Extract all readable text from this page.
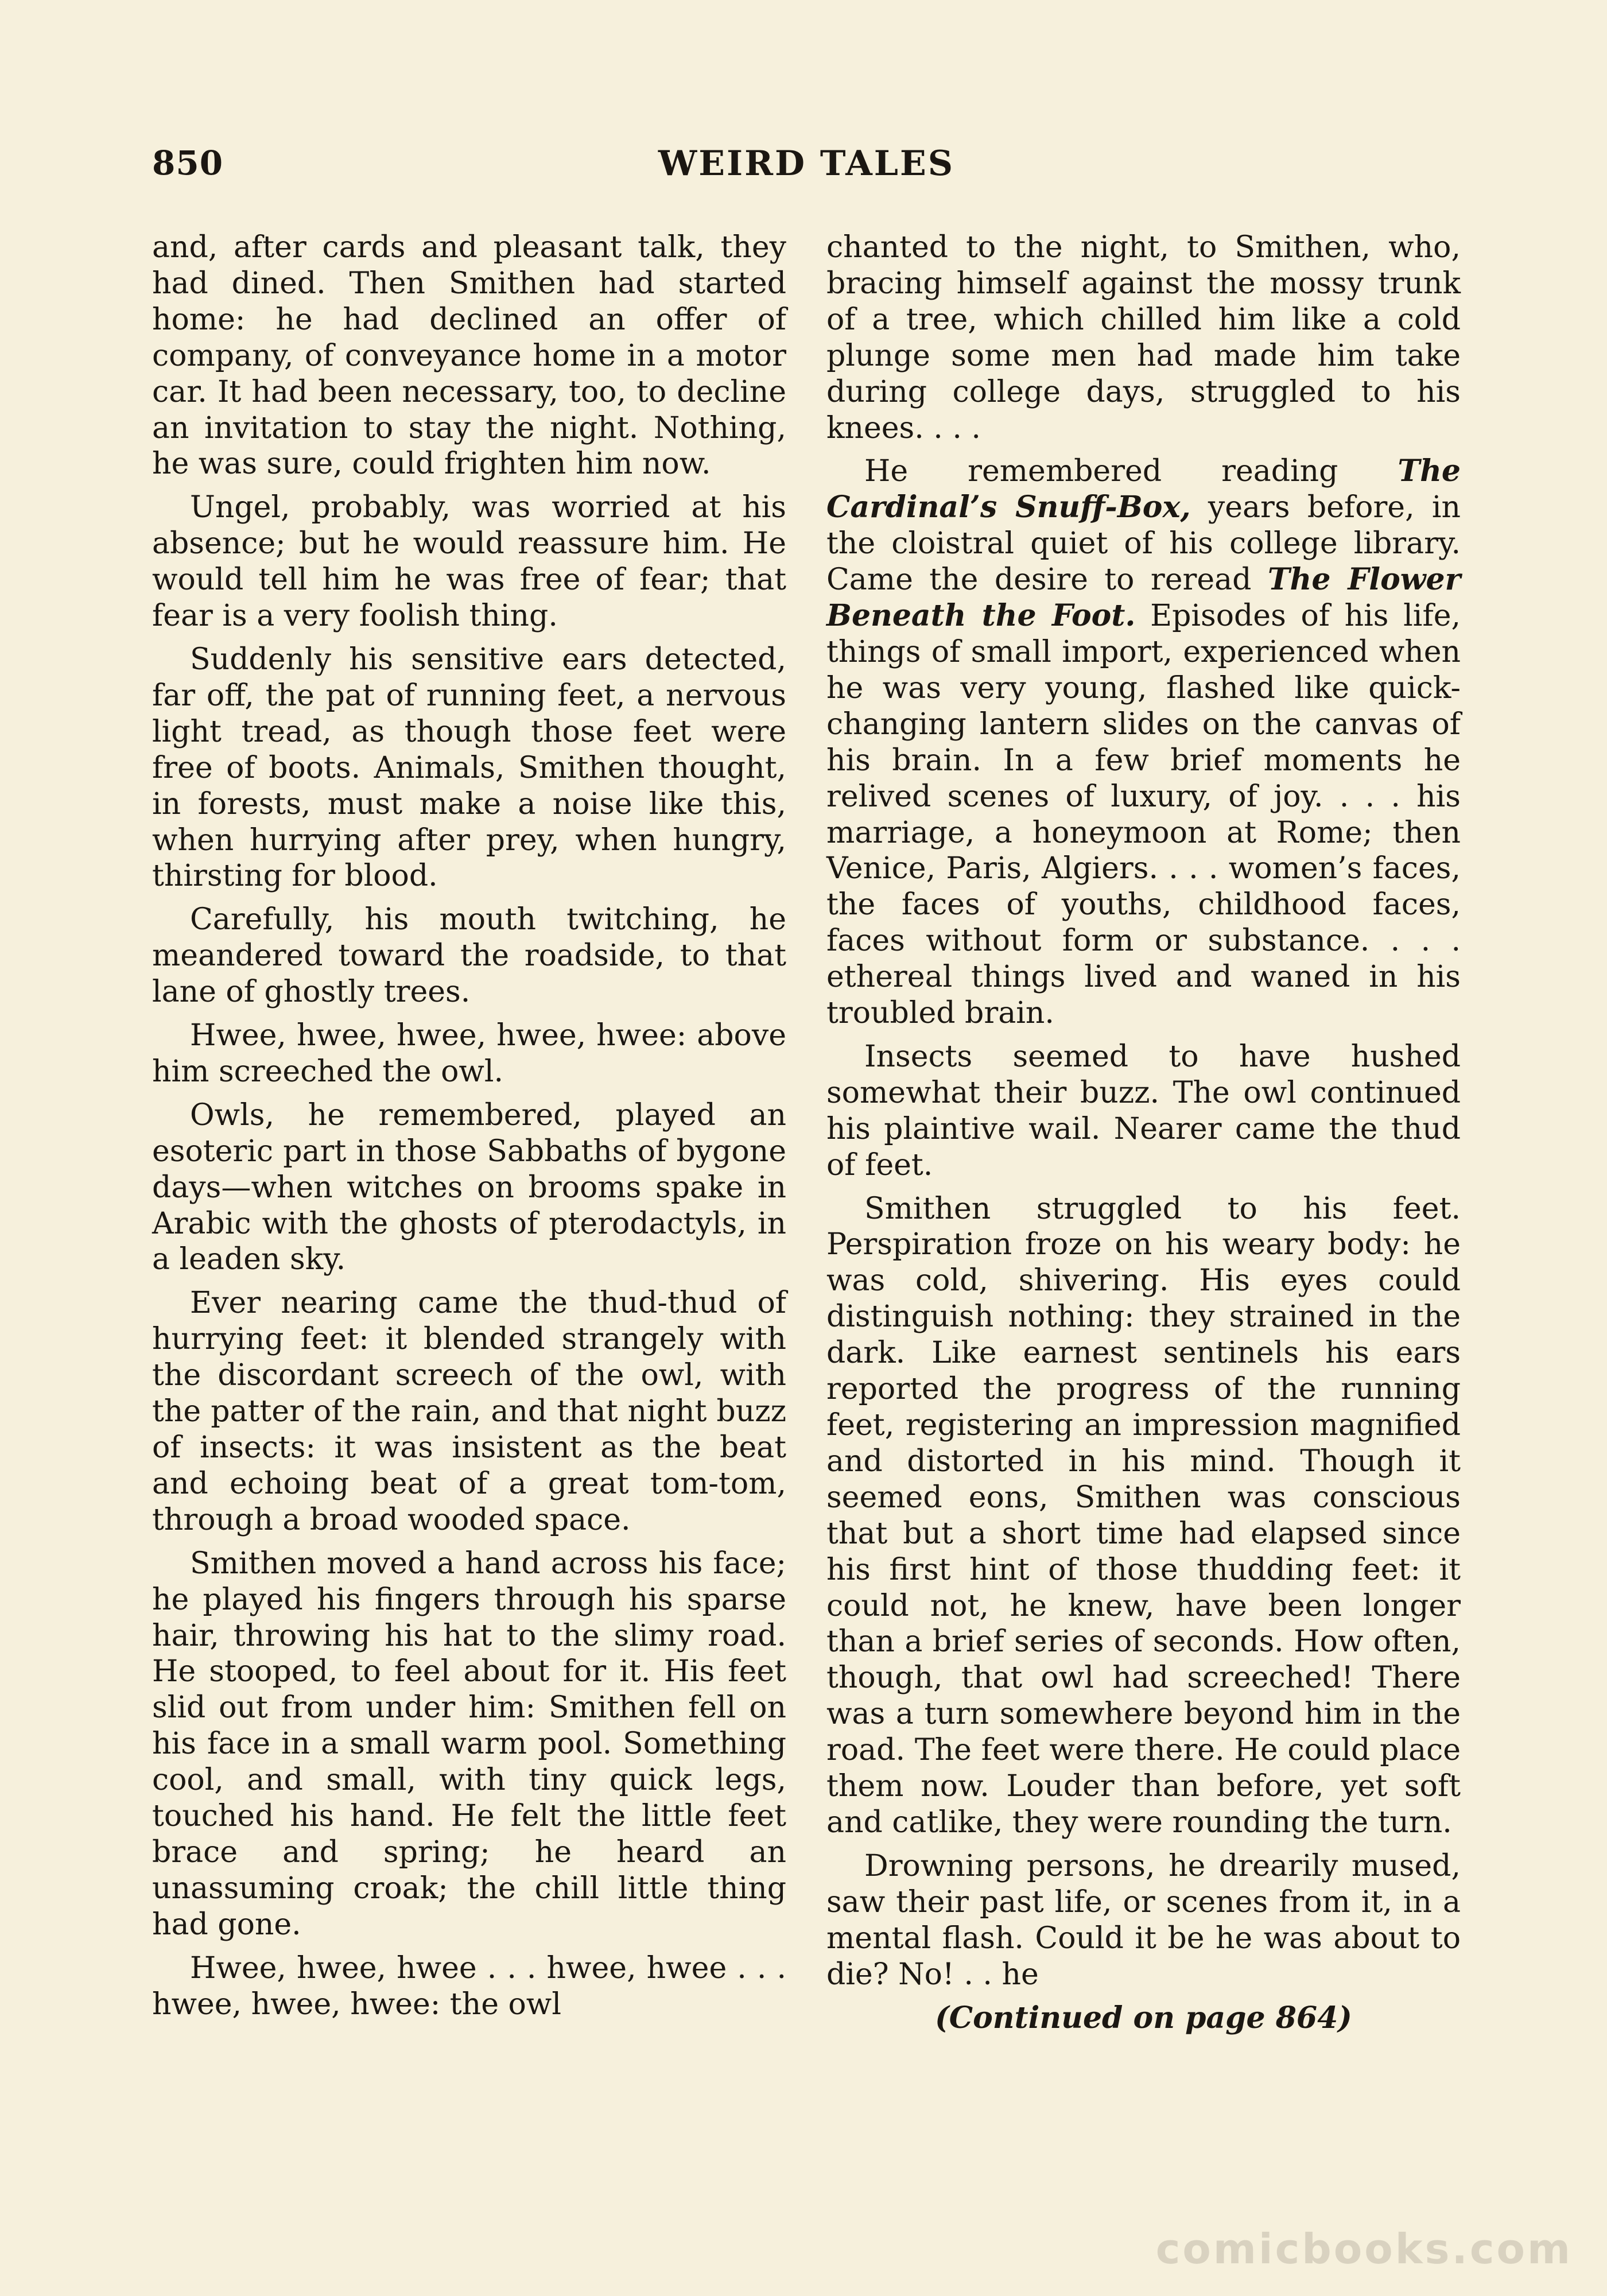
850	WEIRD TALES

and, after cards and pleasant talk, they had dined. Then Smithen had started home: he had declined an offer of company, of conveyance home in a motor car. It had been necessary, too, to decline an invitation to stay the night. Nothing, he was sure, could frighten him now.

Ungel, probably, was worried at his absence; but he would reassure him. He would tell him he was free of fear; that fear is a very foolish thing.

Suddenly his sensitive ears detected, far off, the pat of running feet, a nervous light tread, as though those feet were free of boots. Animals, Smithen thought, in forests, must make a noise like this, when hurrying after prey, when hungry, thirsting for blood.

Carefully, his mouth twitching, he meandered toward the roadside, to that lane of ghostly trees.

Hwee, hwee, hwee, hwee, hwee: above him screeched the owl.

Owls, he remembered, played an esoteric part in those Sabbaths of bygone days—when witches on brooms spake in Arabic with the ghosts of pterodactyls, in a leaden sky.

Ever nearing came the thud-thud of hurrying feet: it blended strangely with the discordant screech of the owl, with the patter of the rain, and that night buzz of insects: it was insistent as the beat and echoing beat of a great tom-tom, through a broad wooded space.

Smithen moved a hand across his face; he played his fingers through his sparse hair, throwing his hat to the slimy road. He stooped, to feel about for it. His feet slid out from under him: Smithen fell on his face in a small warm pool. Something cool, and small, with tiny quick legs, touched his hand. He felt the little feet brace and spring; he heard an unassuming croak; the chill little thing had gone.

Hwee, hwee, hwee . . . hwee, hwee . . . hwee, hwee, hwee: the owl

chanted to the night, to Smithen, who, bracing himself against the mossy trunk of a tree, which chilled him like a cold plunge some men had made him take during college days, struggled to his knees. . . .

He remembered reading The Cardinal’s Snuff-Box, years before, in the cloistral quiet of his college library. Came the desire to reread The Flower Beneath the Foot. Episodes of his life, things of small import, experienced when he was very young, flashed like quick-changing lantern slides on the canvas of his brain. In a few brief moments he relived scenes of luxury, of joy. . . . his marriage, a honeymoon at Rome; then Venice, Paris, Algiers. . . . women’s faces, the faces of youths, childhood faces, faces without form or substance. . . . ethereal things lived and waned in his troubled brain.

Insects seemed to have hushed somewhat their buzz. The owl continued his plaintive wail. Nearer came the thud of feet.

Smithen struggled to his feet. Perspiration froze on his weary body: he was cold, shivering. His eyes could distinguish nothing: they strained in the dark. Like earnest sentinels his ears reported the progress of the running feet, registering an impression magnified and distorted in his mind. Though it seemed eons, Smithen was conscious that but a short time had elapsed since his first hint of those thudding feet: it could not, he knew, have been longer than a brief series of seconds. How often, though, that owl had screeched! There was a turn somewhere beyond him in the road. The feet were there. He could place them now. Louder than before, yet soft and catlike, they were rounding the turn.

Drowning persons, he drearily mused, saw their past life, or scenes from it, in a mental flash. Could it be he was about to die? No! . . he

(Continued on page 864)

comicbooks.com
